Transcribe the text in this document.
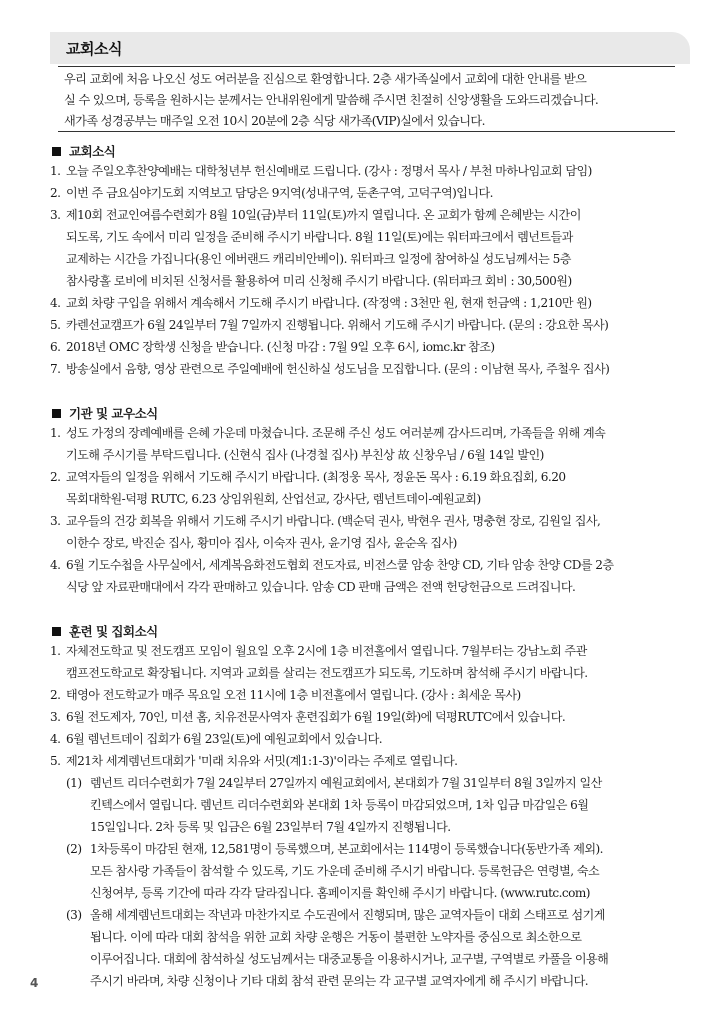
교회소식
우리 교회에 처음 나오신 성도 여러분을 진심으로 환영합니다. 2층 새가족실에서 교회에 대한 안내를 받으
실 수 있으며, 등록을 원하시는 분께서는 안내위원에게 말씀해 주시면 친절히 신앙생활을 도와드리겠습니다.
새가족 성경공부는 매주일 오전 10시 20분에 2층 식당 새가족(VIP)실에서 있습니다.
교회소식
1. 오늘 주일오후찬양예배는 대학청년부 헌신예배로 드립니다. (강사 : 정명서 목사 / 부천 마하나임교회 담임)
2. 이번 주 금요심야기도회 지역보고 담당은 9지역(성내구역, 둔촌구역, 고덕구역)입니다.
3. 제10회 전교인여름수련회가 8월 10일(금)부터 11일(토)까지 열립니다. 온 교회가 함께 은혜받는 시간이
되도록, 기도 속에서 미리 일정을 준비해 주시기 바랍니다. 8월 11일(토)에는 워터파크에서 렘넌트들과
교제하는 시간을 가집니다(용인 에버랜드 캐리비안베이). 워터파크 일정에 참여하실 성도님께서는 5층
참사랑홀 로비에 비치된 신청서를 활용하여 미리 신청해 주시기 바랍니다. (워터파크 회비 : 30,500원)
4. 교회 차량 구입을 위해서 계속해서 기도해 주시기 바랍니다. (작정액 : 3천만 원, 현재 헌금액 : 1,210만 원)
5. 카렌선교캠프가 6월 24일부터 7월 7일까지 진행됩니다. 위해서 기도해 주시기 바랍니다. (문의 : 강요한 목사)
6. 2018년 OMC 장학생 신청을 받습니다. (신청 마감 : 7월 9일 오후 6시, iomc.kr 참조)
7. 방송실에서 음향, 영상 관련으로 주일예배에 헌신하실 성도님을 모집합니다. (문의 : 이남현 목사, 주철우 집사)
기관 및 교우소식
1. 성도 가정의 장례예배를 은혜 가운데 마쳤습니다. 조문해 주신 성도 여러분께 감사드리며, 가족들을 위해 계속
기도해 주시기를 부탁드립니다. (신현식 집사 (나경철 집사) 부친상 故 신창우님 / 6월 14일 발인)
2. 교역자들의 일정을 위해서 기도해 주시기 바랍니다. (최정웅 목사, 정윤돈 목사 : 6.19 화요집회, 6.20
목회대학원-덕평 RUTC, 6.23 상임위원회, 산업선교, 강사단, 렘넌트데이-예원교회)
3. 교우들의 건강 회복을 위해서 기도해 주시기 바랍니다. (백순덕 권사, 박현우 권사, 명충현 장로, 김원일 집사,
이한수 장로, 박진순 집사, 황미아 집사, 이숙자 권사, 윤기영 집사, 윤순옥 집사)
4. 6월 기도수첩을 사무실에서, 세계복음화전도협회 전도자료, 비전스쿨 암송 찬양 CD, 기타 암송 찬양 CD를 2층
식당 앞 자료판매대에서 각각 판매하고 있습니다. 암송 CD 판매 금액은 전액 헌당헌금으로 드려집니다.
훈련 및 집회소식
1. 자체전도학교 및 전도캠프 모임이 월요일 오후 2시에 1층 비전홀에서 열립니다. 7월부터는 강남노회 주관
캠프전도학교로 확장됩니다. 지역과 교회를 살리는 전도캠프가 되도록, 기도하며 참석해 주시기 바랍니다.
2. 태영아 전도학교가 매주 목요일 오전 11시에 1층 비전홀에서 열립니다. (강사 : 최세운 목사)
3. 6월 전도제자, 70인, 미션 홈, 치유전문사역자 훈련집회가 6월 19일(화)에 덕평RUTC에서 있습니다.
4. 6월 렘넌트데이 집회가 6월 23일(토)에 예원교회에서 있습니다.
5. 제21차 세계렘넌트대회가 '미래 치유와 서밋(계1:1-3)'이라는 주제로 열립니다.
(1) 렘넌트 리더수련회가 7월 24일부터 27일까지 예원교회에서, 본대회가 7월 31일부터 8월 3일까지 일산
킨텍스에서 열립니다. 렘넌트 리더수련회와 본대회 1차 등록이 마감되었으며, 1차 입금 마감일은 6월
15일입니다. 2차 등록 및 입금은 6월 23일부터 7월 4일까지 진행됩니다.
(2) 1차등록이 마감된 현재, 12,581명이 등록했으며, 본교회에서는 114명이 등록했습니다(동반가족 제외).
모든 참사랑 가족들이 참석할 수 있도록, 기도 가운데 준비해 주시기 바랍니다. 등록헌금은 연령별, 숙소
신청여부, 등록 기간에 따라 각각 달라집니다. 홈페이지를 확인해 주시기 바랍니다. (www.rutc.com)
(3) 올해 세계렘넌트대회는 작년과 마찬가지로 수도권에서 진행되며, 많은 교역자들이 대회 스태프로 섬기게
됩니다. 이에 따라 대회 참석을 위한 교회 차량 운행은 거동이 불편한 노약자를 중심으로 최소한으로
이루어집니다. 대회에 참석하실 성도님께서는 대중교통을 이용하시거나, 교구별, 구역별로 카풀을 이용해
주시기 바라며, 차량 신청이나 기타 대회 참석 관련 문의는 각 교구별 교역자에게 해 주시기 바랍니다.
4
